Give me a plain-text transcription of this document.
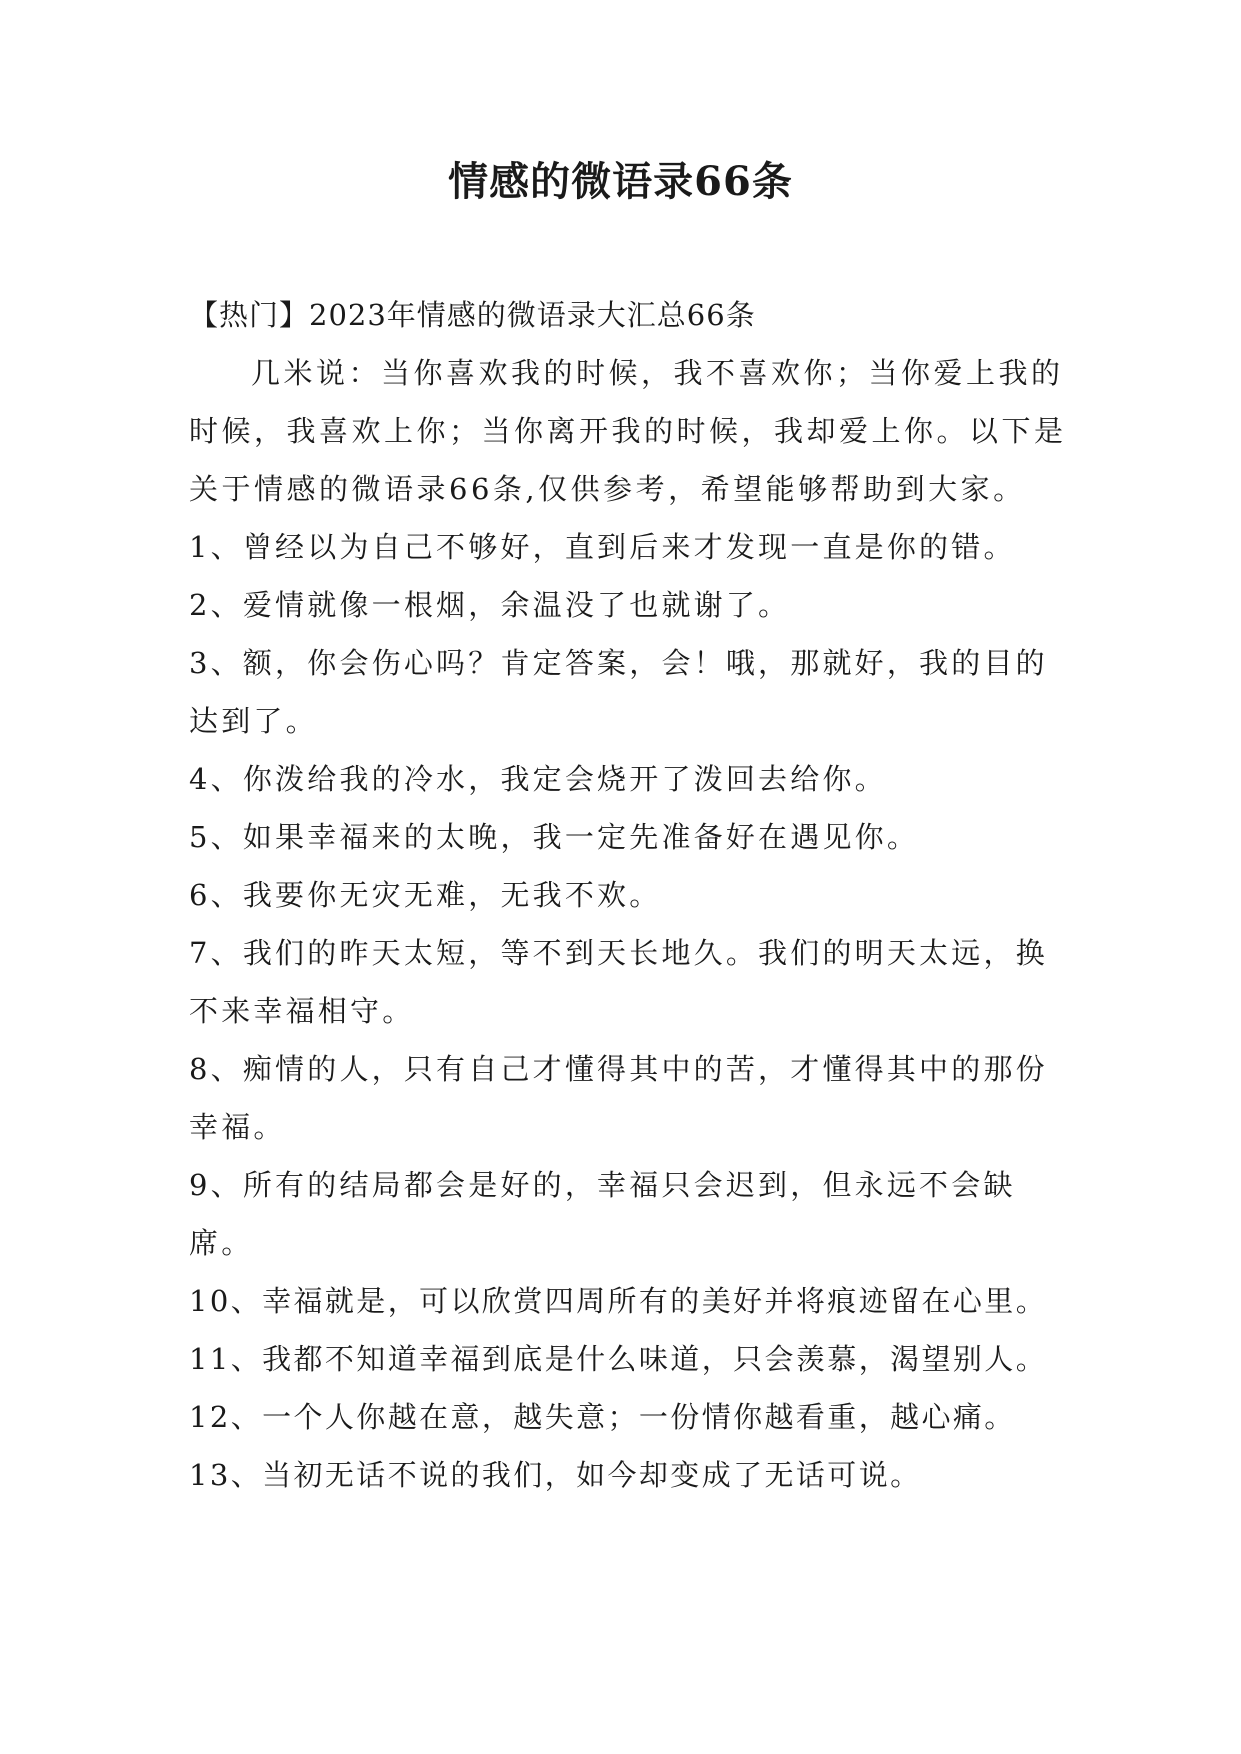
情感的微语录66条

【热门】2023年情感的微语录大汇总66条

几米说：当你喜欢我的时候，我不喜欢你；当你爱上我的时候，我喜欢上你；当你离开我的时候，我却爱上你。以下是关于情感的微语录66条,仅供参考，希望能够帮助到大家。

1、曾经以为自己不够好，直到后来才发现一直是你的错。

2、爱情就像一根烟，余温没了也就谢了。

3、额，你会伤心吗？肯定答案，会！哦，那就好，我的目的达到了。

4、你泼给我的冷水，我定会烧开了泼回去给你。

5、如果幸福来的太晚，我一定先准备好在遇见你。

6、我要你无灾无难，无我不欢。

7、我们的昨天太短，等不到天长地久。我们的明天太远，换不来幸福相守。

8、痴情的人，只有自己才懂得其中的苦，才懂得其中的那份幸福。

9、所有的结局都会是好的，幸福只会迟到，但永远不会缺席。

10、幸福就是，可以欣赏四周所有的美好并将痕迹留在心里。

11、我都不知道幸福到底是什么味道，只会羡慕，渴望别人。

12、一个人你越在意，越失意；一份情你越看重，越心痛。

13、当初无话不说的我们，如今却变成了无话可说。
